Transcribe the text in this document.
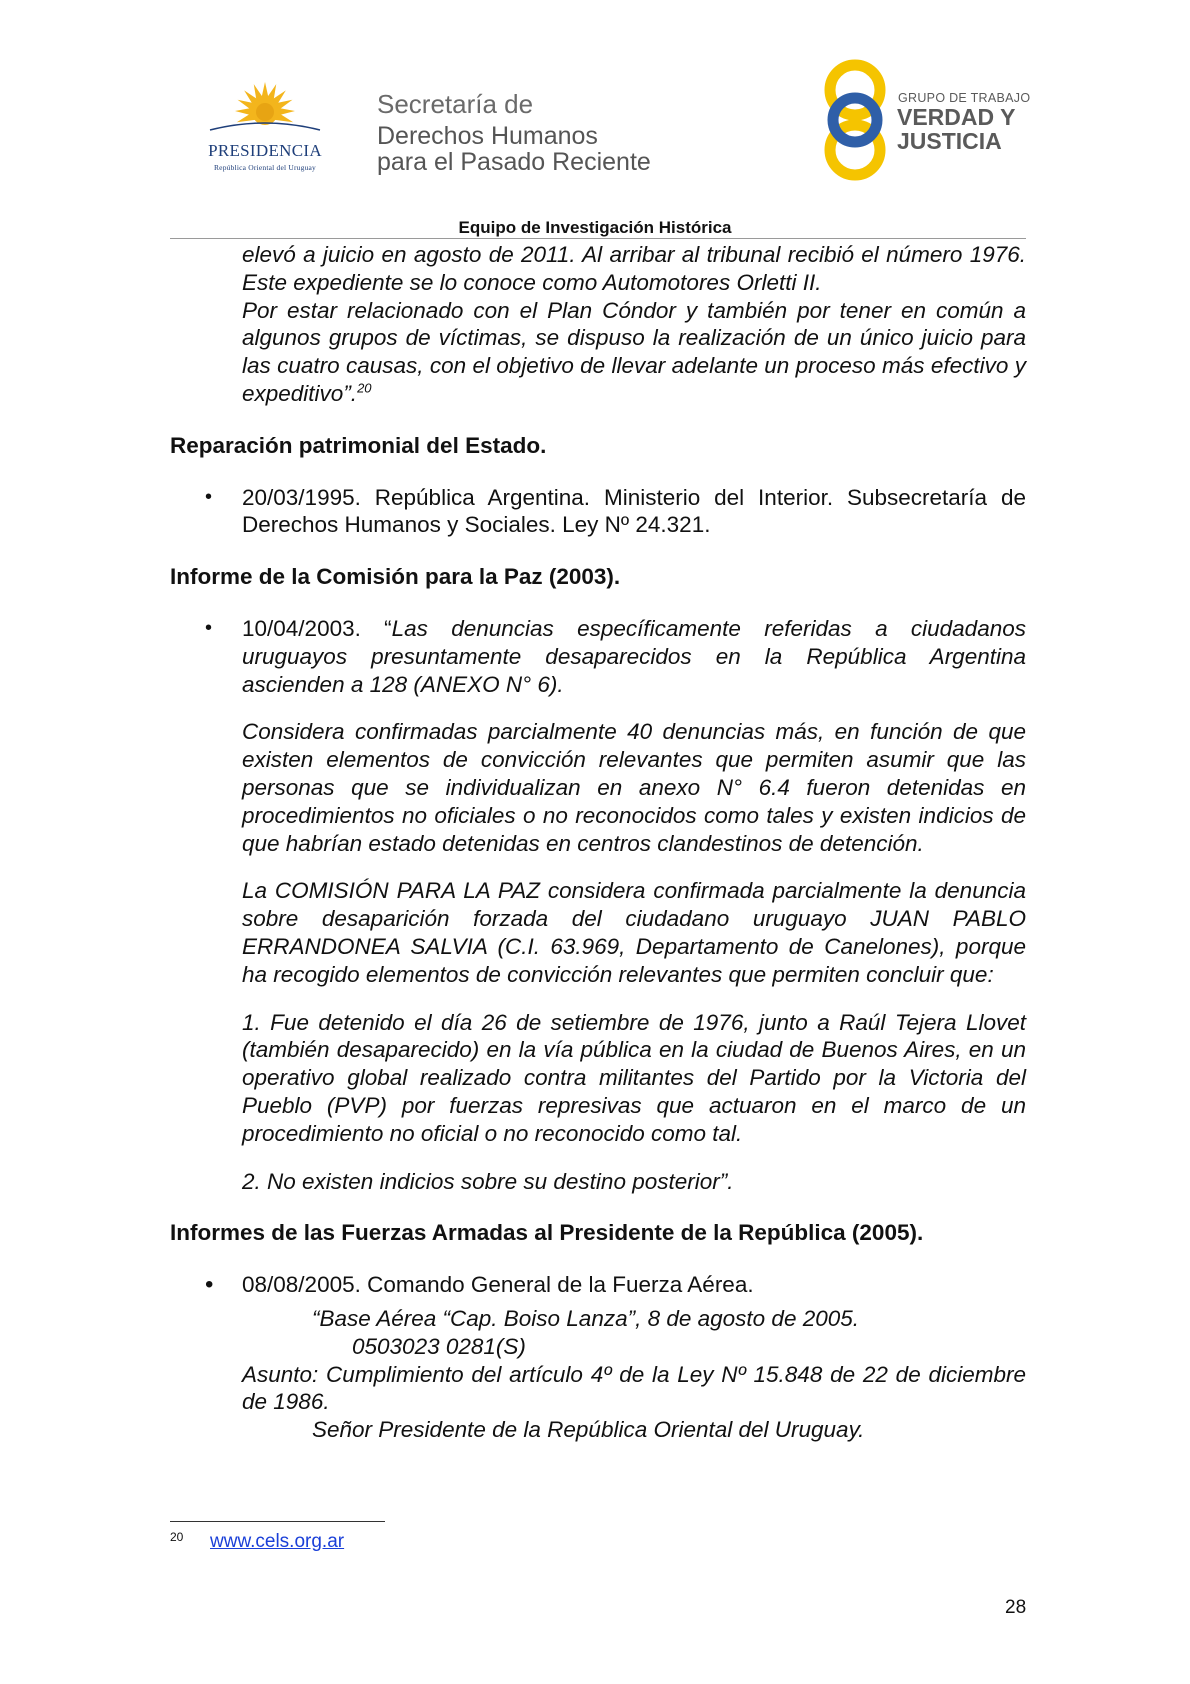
PRESIDENCIA
República Oriental del Uruguay
Secretaría de
Derechos Humanos
para el Pasado Reciente
GRUPO DE TRABAJO
VERDAD Y
JUSTICIA
Equipo de Investigación Histórica
elevó a juicio en agosto de 2011. Al arribar al tribunal recibió el número 1976. Este expediente se lo conoce como Automotores Orletti II.
Por estar relacionado con el Plan Cóndor y también por tener en común a algunos grupos de víctimas, se dispuso la realización de un único juicio para las cuatro causas, con el objetivo de llevar adelante un proceso más efectivo y expeditivo”.$^{20}$
Reparación patrimonial del Estado.
• 20/03/1995. República Argentina. Ministerio del Interior. Subsecretaría de Derechos Humanos y Sociales. Ley Nº 24.321.
Informe de la Comisión para la Paz (2003).
• 10/04/2003. “Las denuncias específicamente referidas a ciudadanos uruguayos presuntamente desaparecidos en la República Argentina ascienden a 128 (ANEXO N° 6).
Considera confirmadas parcialmente 40 denuncias más, en función de que existen elementos de convicción relevantes que permiten asumir que las personas que se individualizan en anexo N° 6.4 fueron detenidas en procedimientos no oficiales o no reconocidos como tales y existen indicios de que habrían estado detenidas en centros clandestinos de detención.
La COMISIÓN PARA LA PAZ considera confirmada parcialmente la denuncia sobre desaparición forzada del ciudadano uruguayo JUAN PABLO ERRANDONEA SALVIA (C.I. 63.969, Departamento de Canelones), porque ha recogido elementos de convicción relevantes que permiten concluir que:
1. Fue detenido el día 26 de setiembre de 1976, junto a Raúl Tejera Llovet (también desaparecido) en la vía pública en la ciudad de Buenos Aires, en un operativo global realizado contra militantes del Partido por la Victoria del Pueblo (PVP) por fuerzas represivas que actuaron en el marco de un procedimiento no oficial o no reconocido como tal.
2. No existen indicios sobre su destino posterior”.
Informes de las Fuerzas Armadas al Presidente de la República (2005).
• 08/08/2005. Comando General de la Fuerza Aérea.
“Base Aérea “Cap. Boiso Lanza”, 8 de agosto de 2005.
0503023 0281(S)
Asunto: Cumplimiento del artículo 4º de la Ley Nº 15.848 de 22 de diciembre de 1986.
Señor Presidente de la República Oriental del Uruguay.
20 www.cels.org.ar
28
